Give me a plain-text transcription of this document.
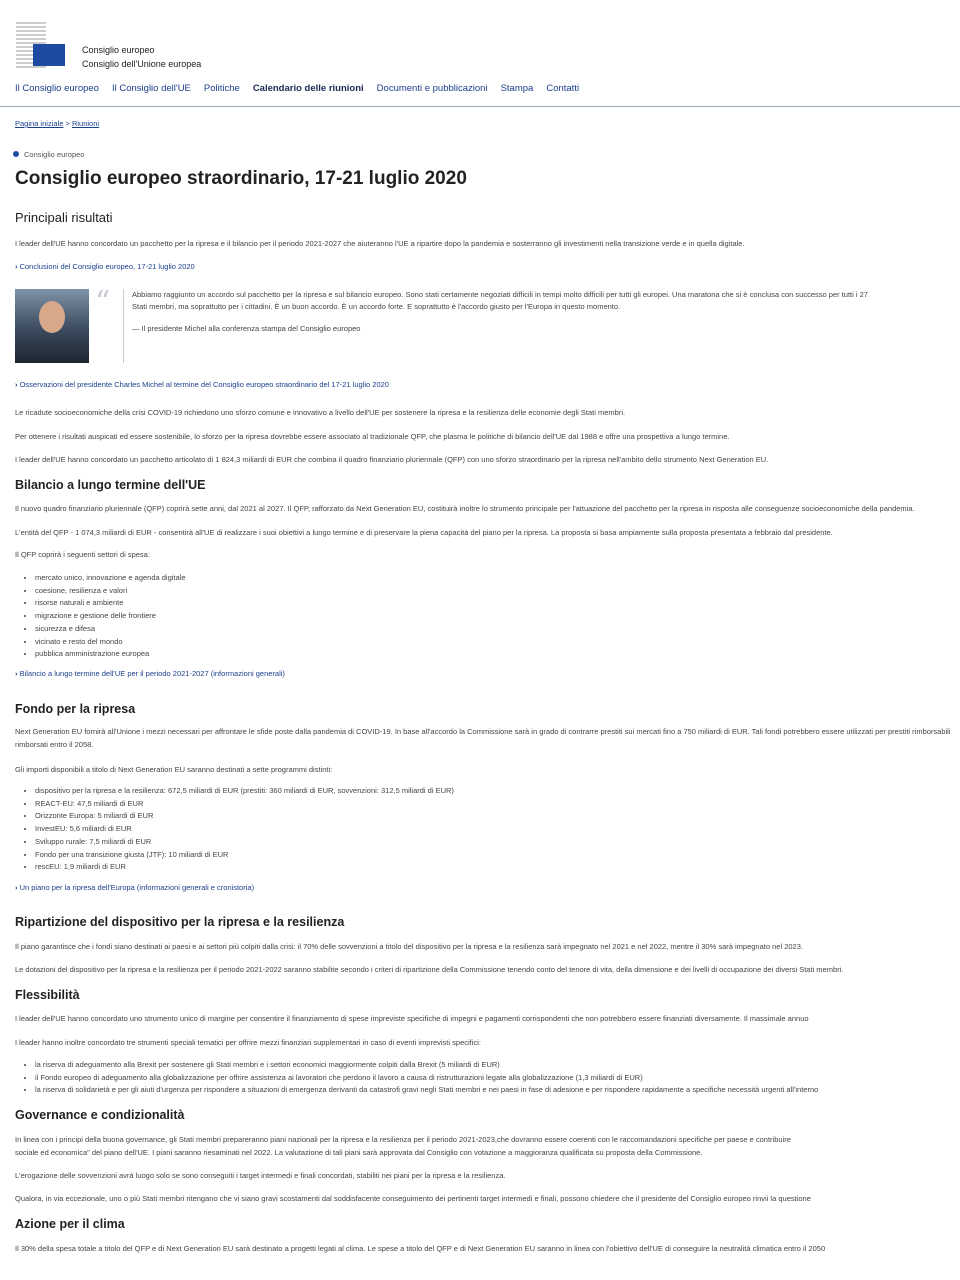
Consiglio europeo
Consiglio dell'Unione europea
Il Consiglio europeo Il Consiglio dell'UE Politiche Calendario delle riunioni Documenti e pubblicazioni Stampa Contatti
Pagina iniziale > Riunioni
Consiglio europeo
Consiglio europeo straordinario, 17-21 luglio 2020
Principali risultati

I leader dell'UE hanno concordato un pacchetto per la ripresa e il bilancio per il periodo 2021-2027 che aiuteranno l'UE a ripartire dopo la pandemia e sosterranno gli investimenti nella transizione verde e in quella digitale.

› Conclusioni del Consiglio europeo, 17-21 luglio 2020

“	Abbiamo raggiunto un accordo sul pacchetto per la ripresa e sul bilancio europeo. Sono stati certamente negoziati difficili in tempi molto difficili per tutti gli europei. Una maratona che si è conclusa con successo per tutti i 27 Stati membri, ma soprattutto per i cittadini. È un buon accordo. È un accordo forte. E soprattutto è l'accordo giusto per l'Europa in questo momento.
— Il presidente Michel alla conferenza stampa del Consiglio europeo

› Osservazioni del presidente Charles Michel al termine del Consiglio europeo straordinario del 17-21 luglio 2020

Le ricadute socioeconomiche della crisi COVID-19 richiedono uno sforzo comune e innovativo a livello dell'UE per sostenere la ripresa e la resilienza delle economie degli Stati membri.

Per ottenere i risultati auspicati ed essere sostenibile, lo sforzo per la ripresa dovrebbe essere associato al tradizionale QFP, che plasma le politiche di bilancio dell'UE dal 1988 e offre una prospettiva a lungo termine.

I leader dell'UE hanno concordato un pacchetto articolato di 1 824,3 miliardi di EUR che combina il quadro finanziario pluriennale (QFP) con uno sforzo straordinario per la ripresa nell'ambito dello strumento Next Generation EU.

Bilancio a lungo termine dell'UE

Il nuovo quadro finanziario pluriennale (QFP) coprirà sette anni, dal 2021 al 2027. Il QFP, rafforzato da Next Generation EU, costituirà inoltre lo strumento principale per l'attuazione del pacchetto per la ripresa in risposta alle conseguenze socioeconomiche della pandemia.

L'entità del QFP - 1 074,3 miliardi di EUR - consentirà all'UE di realizzare i suoi obiettivi a lungo termine e di preservare la piena capacità del piano per la ripresa. La proposta si basa ampiamente sulla proposta presentata a febbraio dal presidente.

Il QFP coprirà i seguenti settori di spesa:

• mercato unico, innovazione e agenda digitale
• coesione, resilienza e valori
• risorse naturali e ambiente
• migrazione e gestione delle frontiere
• sicurezza e difesa
• vicinato e resto del mondo
• pubblica amministrazione europea

› Bilancio a lungo termine dell'UE per il periodo 2021-2027 (informazioni generali)

Fondo per la ripresa

Next Generation EU fornirà all'Unione i mezzi necessari per affrontare le sfide poste dalla pandemia di COVID-19. In base all'accordo la Commissione sarà in grado di contrarre prestiti sui mercati fino a 750 miliardi di EUR. Tali fondi potrebbero essere utilizzati per prestiti rimborsabili

rimborsati entro il 2058.

Gli importi disponibili a titolo di Next Generation EU saranno destinati a sette programmi distinti:

• dispositivo per la ripresa e la resilienza: 672,5 miliardi di EUR (prestiti: 360 miliardi di EUR, sovvenzioni: 312,5 miliardi di EUR)
• REACT-EU: 47,5 miliardi di EUR
• Orizzonte Europa: 5 miliardi di EUR
• InvestEU: 5,6 miliardi di EUR
• Sviluppo rurale: 7,5 miliardi di EUR
• Fondo per una transizione giusta (JTF): 10 miliardi di EUR
• rescEU: 1,9 miliardi di EUR

› Un piano per la ripresa dell'Europa (informazioni generali e cronistoria)

Ripartizione del dispositivo per la ripresa e la resilienza

Il piano garantisce che i fondi siano destinati ai paesi e ai settori più colpiti dalla crisi: il 70% delle sovvenzioni a titolo del dispositivo per la ripresa e la resilienza sarà impegnato nel 2021 e nel 2022, mentre il 30% sarà impegnato nel 2023.

Le dotazioni del dispositivo per la ripresa e la resilienza per il periodo 2021-2022 saranno stabilite secondo i criteri di ripartizione della Commissione tenendo conto del tenore di vita, della dimensione e dei livelli di occupazione dei diversi Stati membri.

Flessibilità

I leader dell'UE hanno concordato uno strumento unico di margine per consentire il finanziamento di spese impreviste specifiche di impegni e pagamenti corrispondenti che non potrebbero essere finanziati diversamente. Il massimale annuo

I leader hanno inoltre concordato tre strumenti speciali tematici per offrire mezzi finanziari supplementari in caso di eventi imprevisti specifici:

• la riserva di adeguamento alla Brexit per sostenere gli Stati membri e i settori economici maggiormente colpiti dalla Brexit (5 miliardi di EUR)
• il Fondo europeo di adeguamento alla globalizzazione per offrire assistenza ai lavoratori che perdono il lavoro a causa di ristrutturazioni legate alla globalizzazione (1,3 miliardi di EUR)
• la riserva di solidarietà e per gli aiuti d'urgenza per rispondere a situazioni di emergenza derivanti da catastrofi gravi negli Stati membri e nei paesi in fase di adesione e per rispondere rapidamente a specifiche necessità urgenti all'interno
Governance e condizionalità

In linea con i principi della buona governance, gli Stati membri prepareranno piani nazionali per la ripresa e la resilienza per il periodo 2021-2023,che dovranno essere coerenti con le raccomandazioni specifiche per paese e contribuire

sociale ed economica" del piano dell'UE. I piani saranno riesaminati nel 2022. La valutazione di tali piani sarà approvata dal Consiglio con votazione a maggioranza qualificata su proposta della Commissione.

L'erogazione delle sovvenzioni avrà luogo solo se sono conseguiti i target intermedi e finali concordati, stabiliti nei piani per la ripresa e la resilienza.

Qualora, in via eccezionale, uno o più Stati membri ritengano che vi siano gravi scostamenti dal soddisfacente conseguimento dei pertinenti target intermedi e finali, possono chiedere che il presidente del Consiglio europeo rinvii la questione

Azione per il clima

Il 30% della spesa totale a titolo del QFP e di Next Generation EU sarà destinato a progetti legati al clima. Le spese a titolo del QFP e di Next Generation EU saranno in linea con l'obiettivo dell'UE di conseguire la neutralità climatica entro il 2050
